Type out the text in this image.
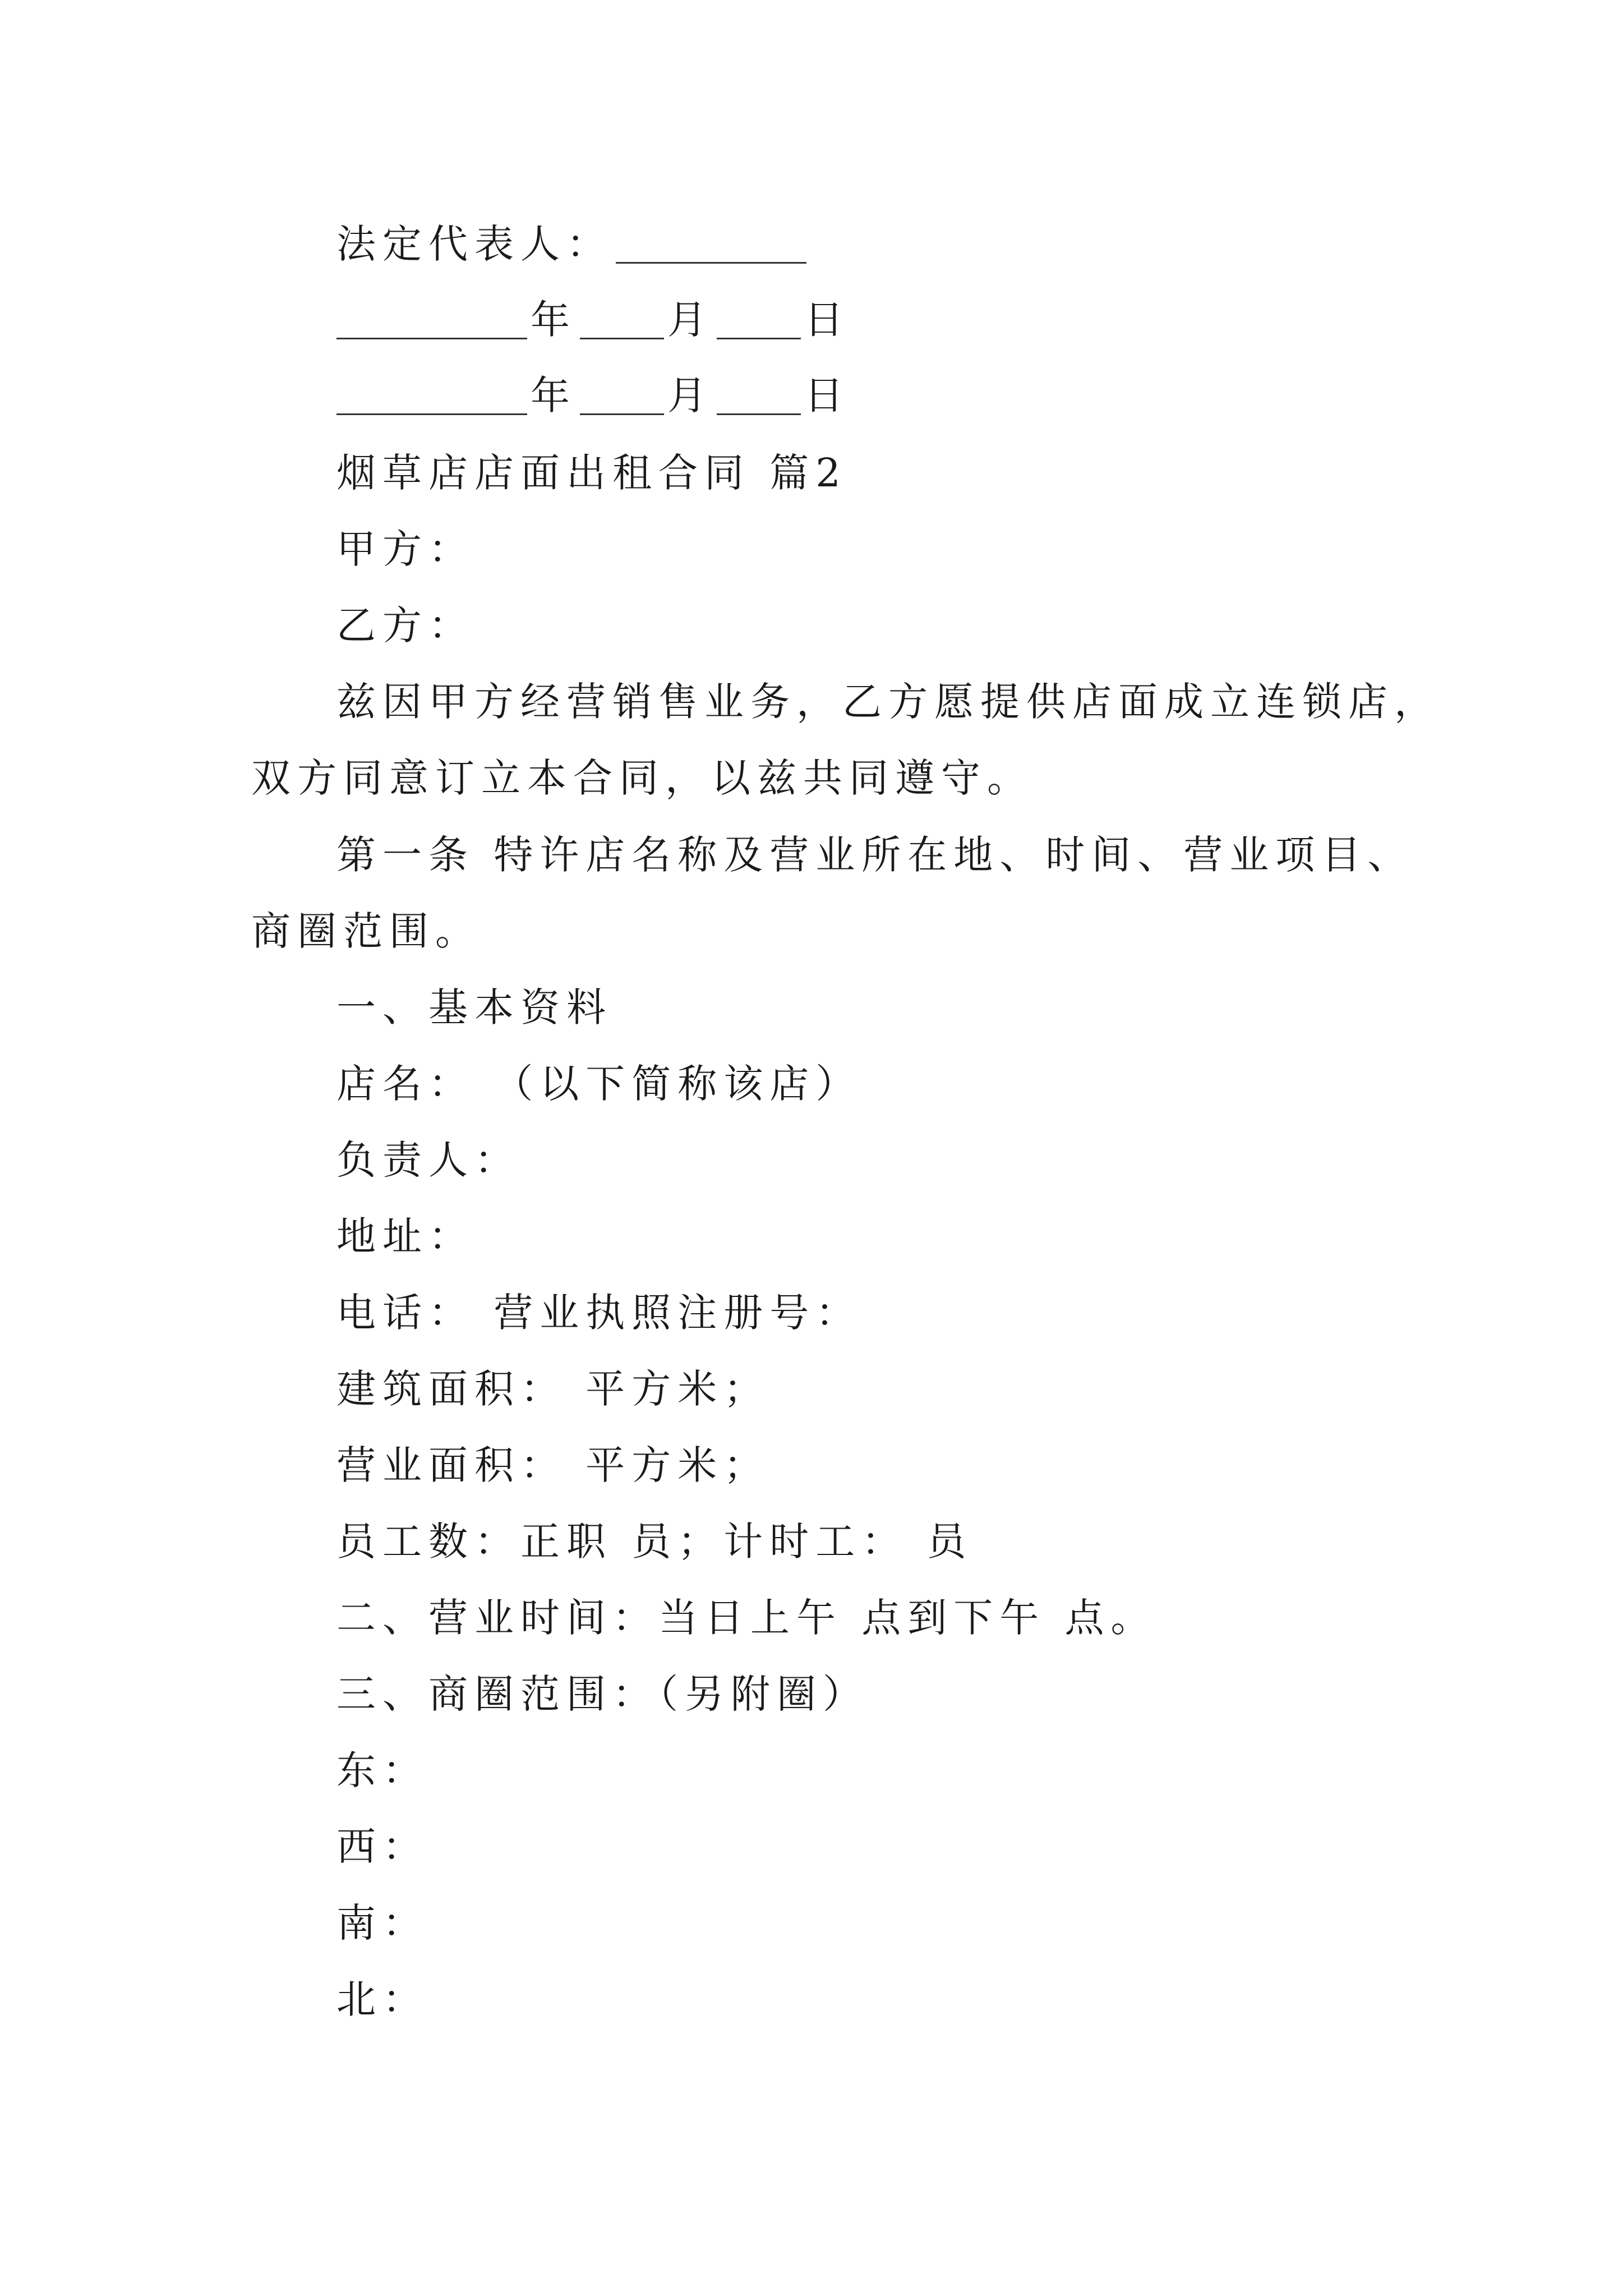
法定代表人：
年 月 日
年 月 日
烟草店店面出租合同 篇2
甲方：
乙方：
兹因甲方经营销售业务，乙方愿提供店面成立连锁店，
双方同意订立本合同，以兹共同遵守。
第一条 特许店名称及营业所在地、时间、营业项目、
商圈范围。
一、基本资料
店名： （以下简称该店）
负责人：
地址：
电话： 营业执照注册号：
建筑面积： 平方米；
营业面积： 平方米；
员工数：正职 员；计时工： 员
二、营业时间：当日上午 点到下午 点。
三、商圈范围：（另附圈）
东：
西：
南：
北：
